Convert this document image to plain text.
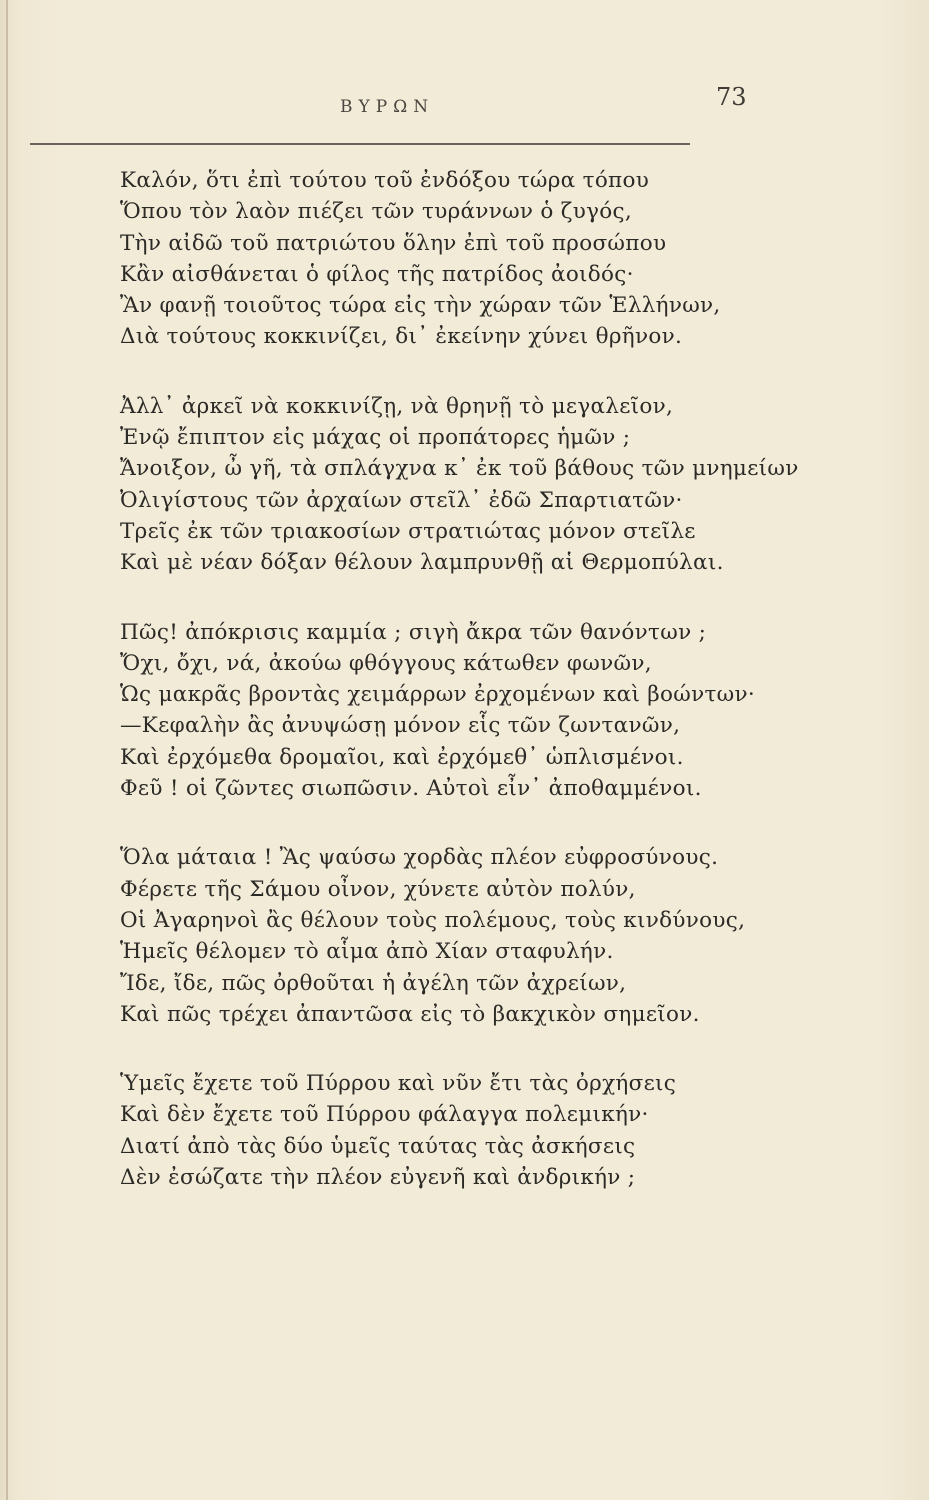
ΒΥΡΩΝ	73
Καλόν, ὅτι ἐπὶ τούτου τοῦ ἐνδόξου τώρα τόπου
Ὅπου τὸν λαὸν πιέζει τῶν τυράννων ὁ ζυγός,
Τὴν αἰδῶ τοῦ πατριώτου ὅλην ἐπὶ τοῦ προσώπου
Κἂν αἰσθάνεται ὁ φίλος τῆς πατρίδος ἀοιδός·
Ἂν φανῇ τοιοῦτος τώρα εἰς τὴν χώραν τῶν Ἑλλήνων,
Διὰ τούτους κοκκινίζει, δι᾽ ἐκείνην χύνει θρῆνον.
Ἀλλ᾽ ἀρκεῖ νὰ κοκκινίζῃ, νὰ θρηνῇ τὸ μεγαλεῖον,
Ἐνῷ ἔπιπτον εἰς μάχας οἱ προπάτορες ἡμῶν ;
Ἄνοιξον, ὦ γῆ, τὰ σπλάγχνα κ᾽ ἐκ τοῦ βάθους τῶν μνημείων
Ὀλιγίστους τῶν ἀρχαίων στεῖλ᾽ ἐδῶ Σπαρτιατῶν·
Τρεῖς ἐκ τῶν τριακοσίων στρατιώτας μόνον στεῖλε
Καὶ μὲ νέαν δόξαν θέλουν λαμπρυνθῇ αἱ Θερμοπύλαι.
Πῶς! ἀπόκρισις καμμία ; σιγὴ ἄκρα τῶν θανόντων ;
Ὄχι, ὄχι, νά, ἀκούω φθόγγους κάτωθεν φωνῶν,
Ὡς μακρᾶς βροντὰς χειμάρρων ἐρχομένων καὶ βοώντων·
—Κεφαλὴν ἂς ἀνυψώσῃ μόνον εἷς τῶν ζωντανῶν,
Καὶ ἐρχόμεθα δρομαῖοι, καὶ ἐρχόμεθ᾽ ὡπλισμένοι.
Φεῦ ! οἱ ζῶντες σιωπῶσιν. Αὐτοὶ εἶν᾽ ἀποθαμμένοι.
Ὅλα μάταια ! Ἂς ψαύσω χορδὰς πλέον εὐφροσύνους.
Φέρετε τῆς Σάμου οἶνον, χύνετε αὐτὸν πολύν,
Οἱ Ἀγαρηνοὶ ἂς θέλουν τοὺς πολέμους, τοὺς κινδύνους,
Ἡμεῖς θέλομεν τὸ αἷμα ἀπὸ Χίαν σταφυλήν.
Ἴδε, ἴδε, πῶς ὀρθοῦται ἡ ἀγέλη τῶν ἀχρείων,
Καὶ πῶς τρέχει ἀπαντῶσα εἰς τὸ βακχικὸν σημεῖον.
Ὑμεῖς ἔχετε τοῦ Πύρρου καὶ νῦν ἔτι τὰς ὀρχήσεις
Καὶ δὲν ἔχετε τοῦ Πύρρου φάλαγγα πολεμικήν·
Διατί ἀπὸ τὰς δύο ὑμεῖς ταύτας τὰς ἀσκήσεις
Δὲν ἐσώζατε τὴν πλέον εὐγενῆ καὶ ἀνδρικήν ;
